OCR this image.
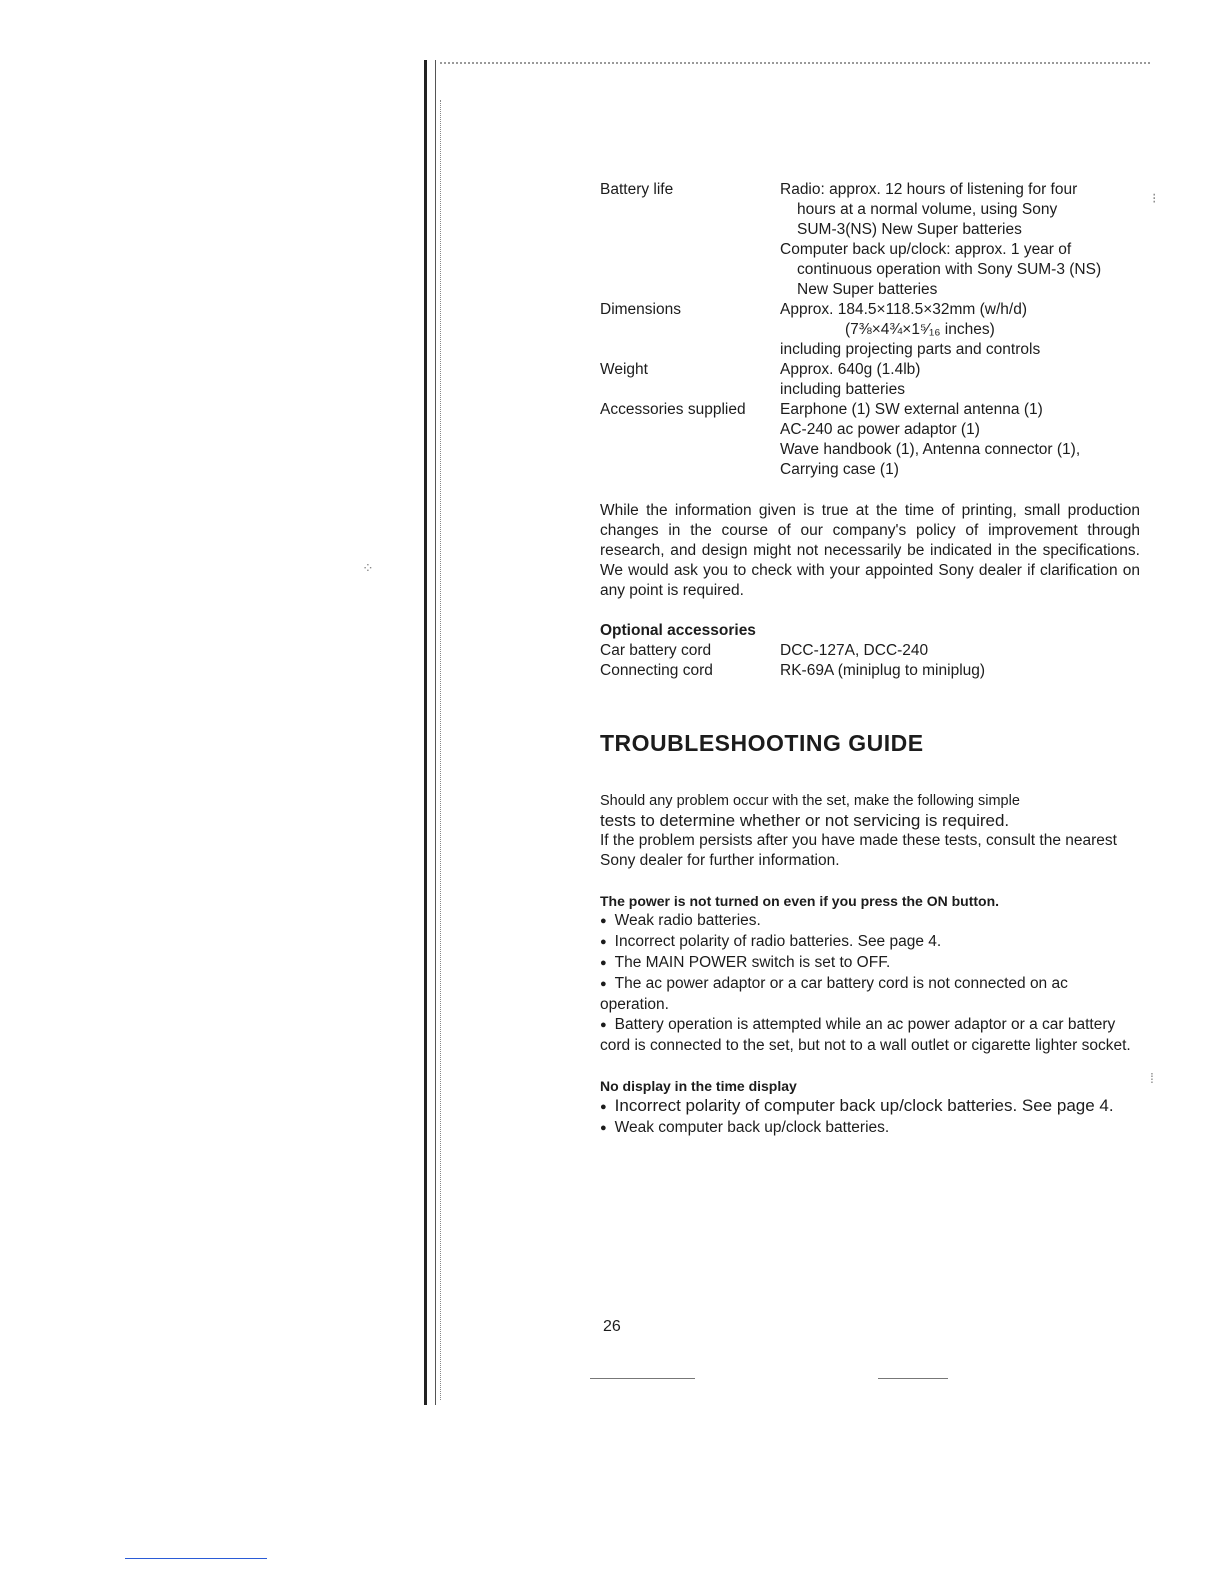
⁘
⁝
⁞
Battery life	Radio: approx. 12 hours of listening for four
hours at a normal volume, using Sony
SUM-3(NS) New Super batteries
Computer back up/clock: approx. 1 year of
continuous operation with Sony SUM-3 (NS)
New Super batteries
Dimensions	Approx. 184.5×118.5×32mm (w/h/d)
(7⅜×4¾×1⁵⁄₁₆ inches)
including projecting parts and controls
Weight	Approx. 640g (1.4lb)
including batteries
Accessories supplied	Earphone (1) SW external antenna (1)
AC-240 ac power adaptor (1)
Wave handbook (1), Antenna connector (1),
Carrying case (1)
While the information given is true at the time of printing, small production changes in the course of our company's policy of improvement through research, and design might not necessarily be indicated in the specifications. We would ask you to check with your appointed Sony dealer if clarification on any point is required.
Optional accessories
Car battery cord	DCC-127A, DCC-240
Connecting cord	RK-69A (miniplug to miniplug)
TROUBLESHOOTING GUIDE
Should any problem occur with the set, make the following simple
tests to determine whether or not servicing is required.
If the problem persists after you have made these tests, consult the nearest Sony dealer for further information.
The power is not turned on even if you press the ON button.
● Weak radio batteries.
● Incorrect polarity of radio batteries. See page 4.
● The MAIN POWER switch is set to OFF.
● The ac power adaptor or a car battery cord is not connected on ac operation.
● Battery operation is attempted while an ac power adaptor or a car battery cord is connected to the set, but not to a wall outlet or cigarette lighter socket.
No display in the time display
● Incorrect polarity of computer back up/clock batteries. See page 4.
● Weak computer back up/clock batteries.
26
